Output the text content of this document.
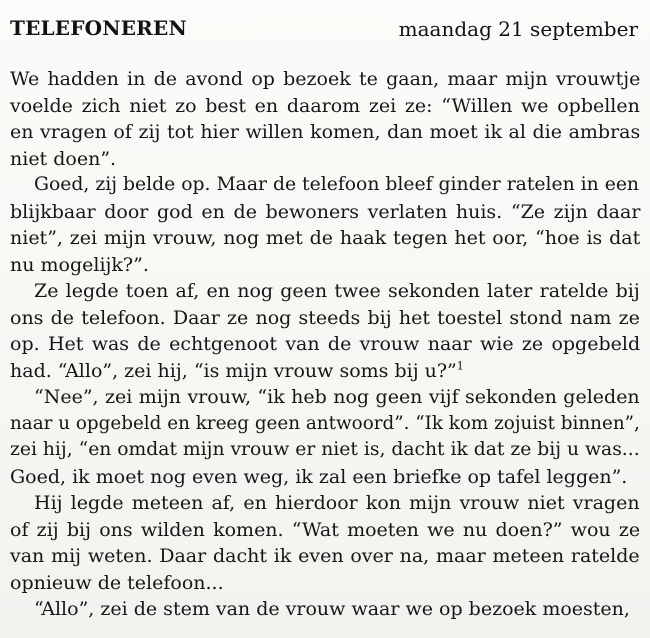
TELEFONEREN	maandag 21 september

We hadden in de avond op bezoek te gaan, maar mijn vrouwtje
voelde zich niet zo best en daarom zei ze: “Willen we opbellen
en vragen of zij tot hier willen komen, dan moet ik al die ambras
niet doen”.

Goed, zij belde op. Maar de telefoon bleef ginder ratelen in een
blijkbaar door god en de bewoners verlaten huis. “Ze zijn daar
niet”, zei mijn vrouw, nog met de haak tegen het oor, “hoe is dat
nu mogelijk?”.

Ze legde toen af, en nog geen twee sekonden later ratelde bij
ons de telefoon. Daar ze nog steeds bij het toestel stond nam ze
op. Het was de echtgenoot van de vrouw naar wie ze opgebeld
had. “Allo”, zei hij, “is mijn vrouw soms bij u?”$^1$

“Nee”, zei mijn vrouw, “ik heb nog geen vijf sekonden geleden
naar u opgebeld en kreeg geen antwoord”. “Ik kom zojuist binnen”,
zei hij, “en omdat mijn vrouw er niet is, dacht ik dat ze bij u was...
Goed, ik moet nog even weg, ik zal een briefke op tafel leggen”.

Hij legde meteen af, en hierdoor kon mijn vrouw niet vragen
of zij bij ons wilden komen. “Wat moeten we nu doen?” wou ze
van mij weten. Daar dacht ik even over na, maar meteen ratelde
opnieuw de telefoon...

“Allo”, zei de stem van de vrouw waar we op bezoek moesten,
